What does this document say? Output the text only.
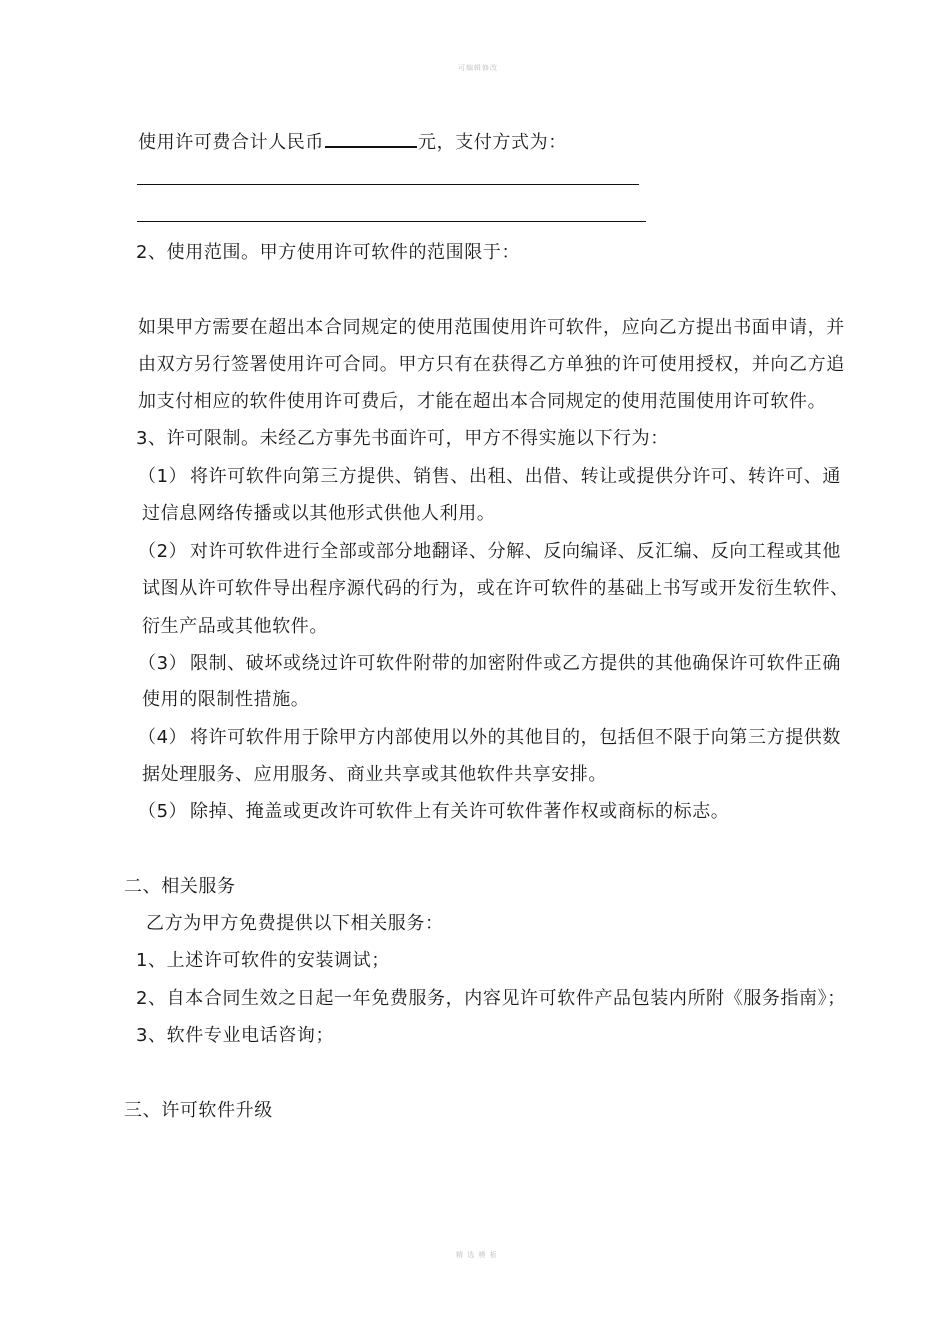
可编辑修改
使用许可费合计人民币	元，支付方式为：
2、使用范围。甲方使用许可软件的范围限于：
如果甲方需要在超出本合同规定的使用范围使用许可软件，应向乙方提出书面申请，并
由双方另行签署使用许可合同。甲方只有在获得乙方单独的许可使用授权，并向乙方追
加支付相应的软件使用许可费后，才能在超出本合同规定的使用范围使用许可软件。
3、许可限制。未经乙方事先书面许可，甲方不得实施以下行为：
（1） 将许可软件向第三方提供、销售、出租、出借、转让或提供分许可、转许可、通
过信息网络传播或以其他形式供他人利用。
（2） 对许可软件进行全部或部分地翻译、分解、反向编译、反汇编、反向工程或其他
试图从许可软件导出程序源代码的行为，或在许可软件的基础上书写或开发衍生软件、
衍生产品或其他软件。
（3） 限制、破坏或绕过许可软件附带的加密附件或乙方提供的其他确保许可软件正确
使用的限制性措施。
（4） 将许可软件用于除甲方内部使用以外的其他目的，包括但不限于向第三方提供数
据处理服务、应用服务、商业共享或其他软件共享安排。
（5） 除掉、掩盖或更改许可软件上有关许可软件著作权或商标的标志。
二、相关服务
乙方为甲方免费提供以下相关服务：
1、上述许可软件的安装调试；
2、自本合同生效之日起一年免费服务，内容见许可软件产品包装内所附《服务指南》；
3、软件专业电话咨询；
三、许可软件升级
精 选 模 板
